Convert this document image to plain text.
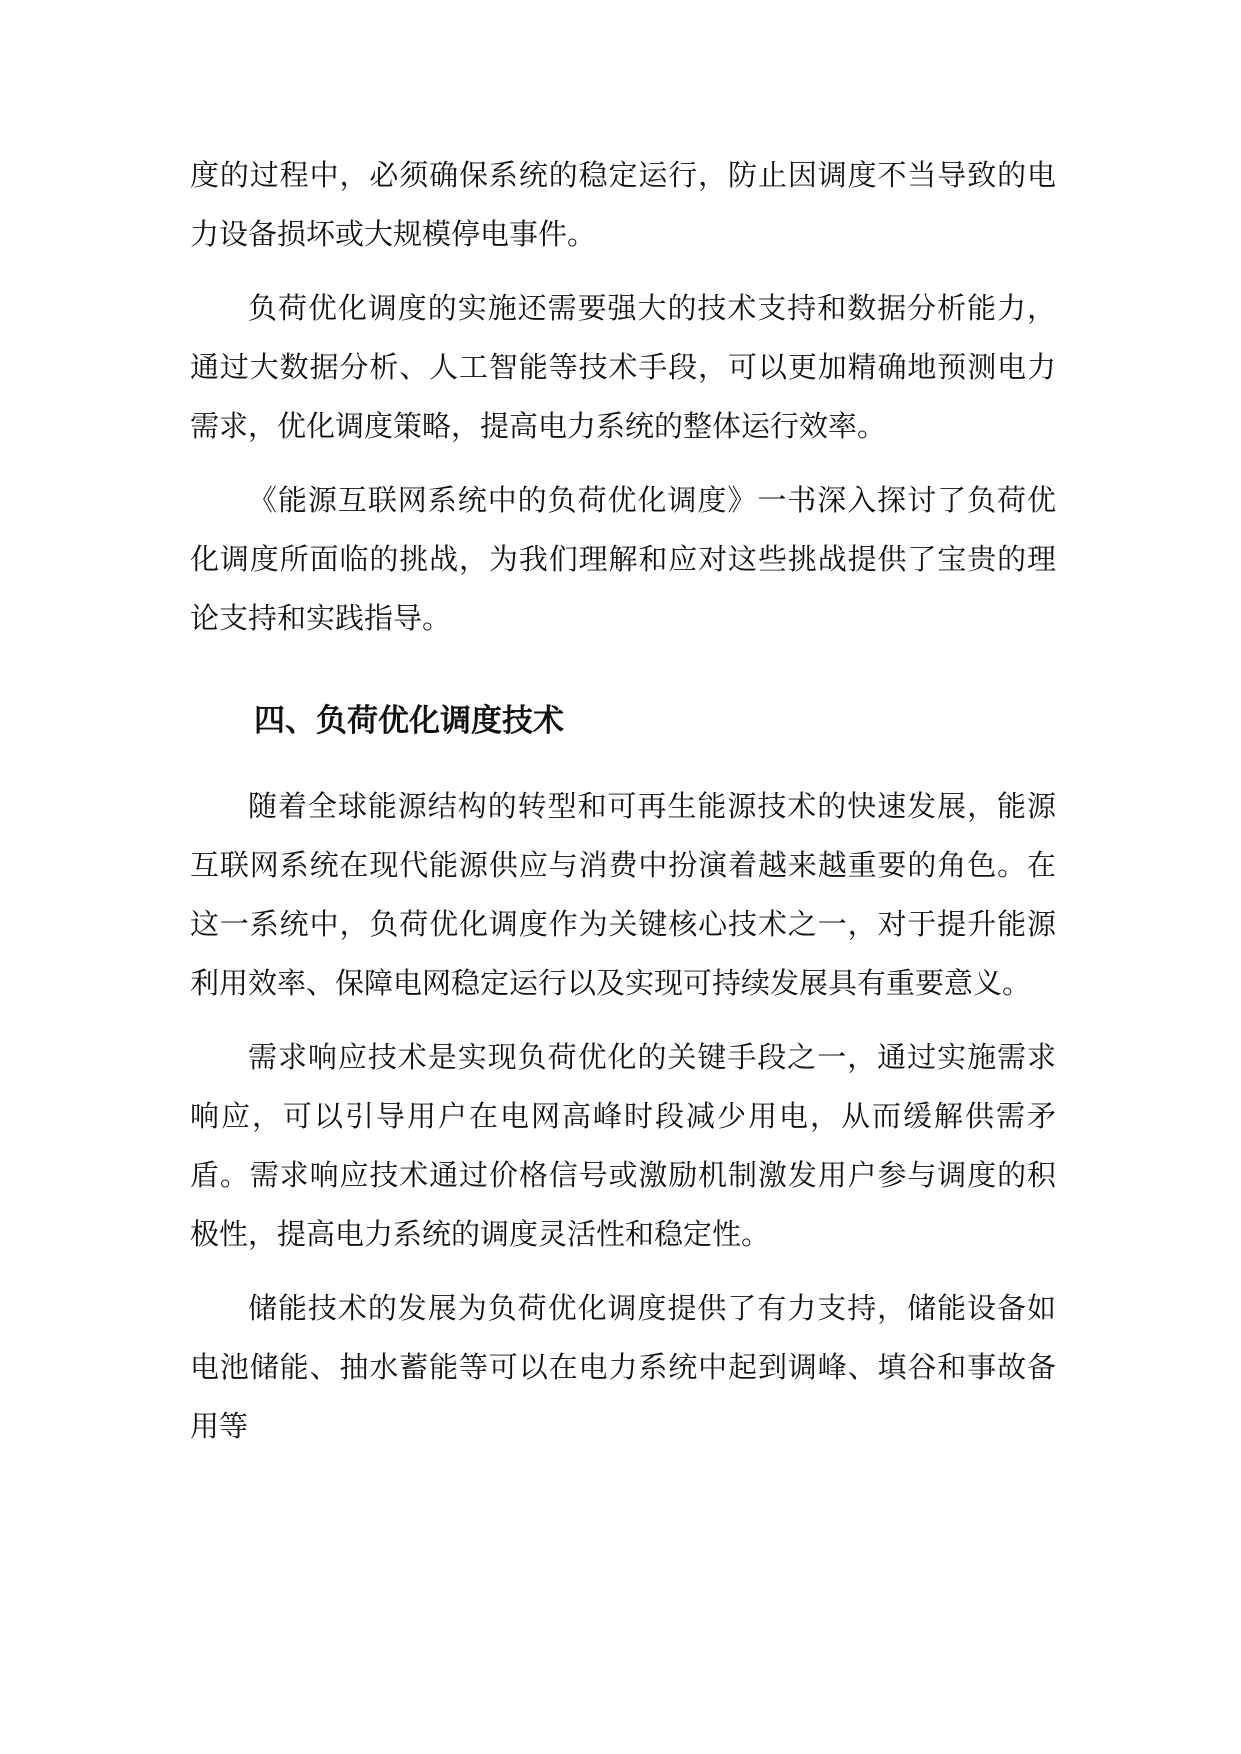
度的过程中，必须确保系统的稳定运行，防止因调度不当导致的电力设备损坏或大规模停电事件。

负荷优化调度的实施还需要强大的技术支持和数据分析能力，通过大数据分析、人工智能等技术手段，可以更加精确地预测电力需求，优化调度策略，提高电力系统的整体运行效率。

《能源互联网系统中的负荷优化调度》一书深入探讨了负荷优化调度所面临的挑战，为我们理解和应对这些挑战提供了宝贵的理论支持和实践指导。

四、负荷优化调度技术

随着全球能源结构的转型和可再生能源技术的快速发展，能源互联网系统在现代能源供应与消费中扮演着越来越重要的角色。在这一系统中，负荷优化调度作为关键核心技术之一，对于提升能源利用效率、保障电网稳定运行以及实现可持续发展具有重要意义。

需求响应技术是实现负荷优化的关键手段之一，通过实施需求响应，可以引导用户在电网高峰时段减少用电，从而缓解供需矛盾。需求响应技术通过价格信号或激励机制激发用户参与调度的积极性，提高电力系统的调度灵活性和稳定性。

储能技术的发展为负荷优化调度提供了有力支持，储能设备如电池储能、抽水蓄能等可以在电力系统中起到调峰、填谷和事故备用等
